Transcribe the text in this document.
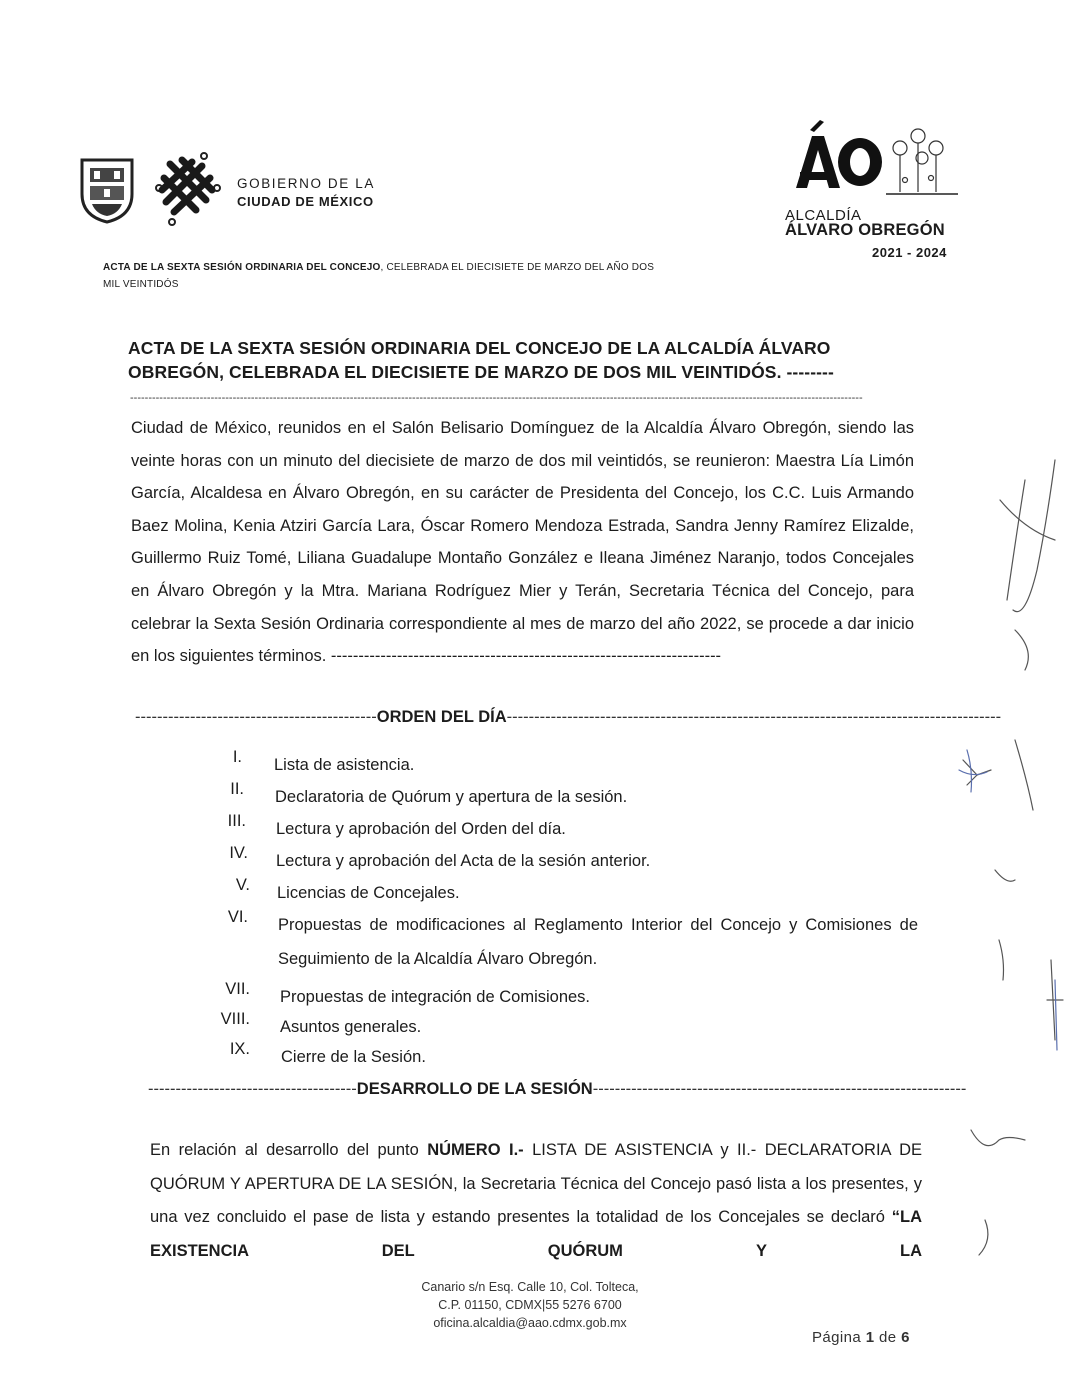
GOBIERNO DE LA
CIUDAD DE MÉXICO
ALCALDÍA
ÁLVARO OBREGÓN
2021 - 2024
ACTA DE LA SEXTA SESIÓN ORDINARIA DEL CONCEJO, CELEBRADA EL DIECISIETE DE MARZO DEL AÑO DOS MIL VEINTIDÓS
ACTA DE LA SEXTA SESIÓN ORDINARIA DEL CONCEJO DE LA ALCALDÍA ÁLVARO OBREGÓN, CELEBRADA EL DIECISIETE DE MARZO DE DOS MIL VEINTIDÓS. --------
--------------------------------------------------------------------------------------------------------------------------------------------------------------------------------------------------------
Ciudad de México, reunidos en el Salón Belisario Domínguez de la Alcaldía Álvaro Obregón, siendo las veinte horas con un minuto del diecisiete de marzo de dos mil veintidós, se reunieron: Maestra Lía Limón García, Alcaldesa en Álvaro Obregón, en su carácter de Presidenta del Concejo, los C.C. Luis Armando Baez Molina, Kenia Atziri García Lara, Óscar Romero Mendoza Estrada, Sandra Jenny Ramírez Elizalde, Guillermo Ruiz Tomé, Liliana Guadalupe Montaño González e Ileana Jiménez Naranjo, todos Concejales en Álvaro Obregón y la Mtra. Mariana Rodríguez Mier y Terán, Secretaria Técnica del Concejo, para celebrar la Sexta Sesión Ordinaria correspondiente al mes de marzo del año 2022, se procede a dar inicio en los siguientes términos. -----------------------------------------------------------------------
--------------------------------------------ORDEN DEL DÍA------------------------------------------------------------------------------------------
I. Lista de asistencia.
II. Declaratoria de Quórum y apertura de la sesión.
III. Lectura y aprobación del Orden del día.
IV. Lectura y aprobación del Acta de la sesión anterior.
V. Licencias de Concejales.
VI. Propuestas de modificaciones al Reglamento Interior del Concejo y Comisiones de Seguimiento de la Alcaldía Álvaro Obregón.
VII. Propuestas de integración de Comisiones.
VIII. Asuntos generales.
IX. Cierre de la Sesión.
--------------------------------------DESARROLLO DE LA SESIÓN--------------------------------------------------------------------
En relación al desarrollo del punto NÚMERO I.- LISTA DE ASISTENCIA y II.- DECLARATORIA DE QUÓRUM Y APERTURA DE LA SESIÓN, la Secretaria Técnica del Concejo pasó lista a los presentes, y una vez concluido el pase de lista y estando presentes la totalidad de los Concejales se declaró “LA EXISTENCIA DEL QUÓRUM Y LA
Canario s/n Esq. Calle 10, Col. Tolteca,
C.P. 01150, CDMX|55 5276 6700
oficina.alcaldia@aao.cdmx.gob.mx
Página 1 de 6
